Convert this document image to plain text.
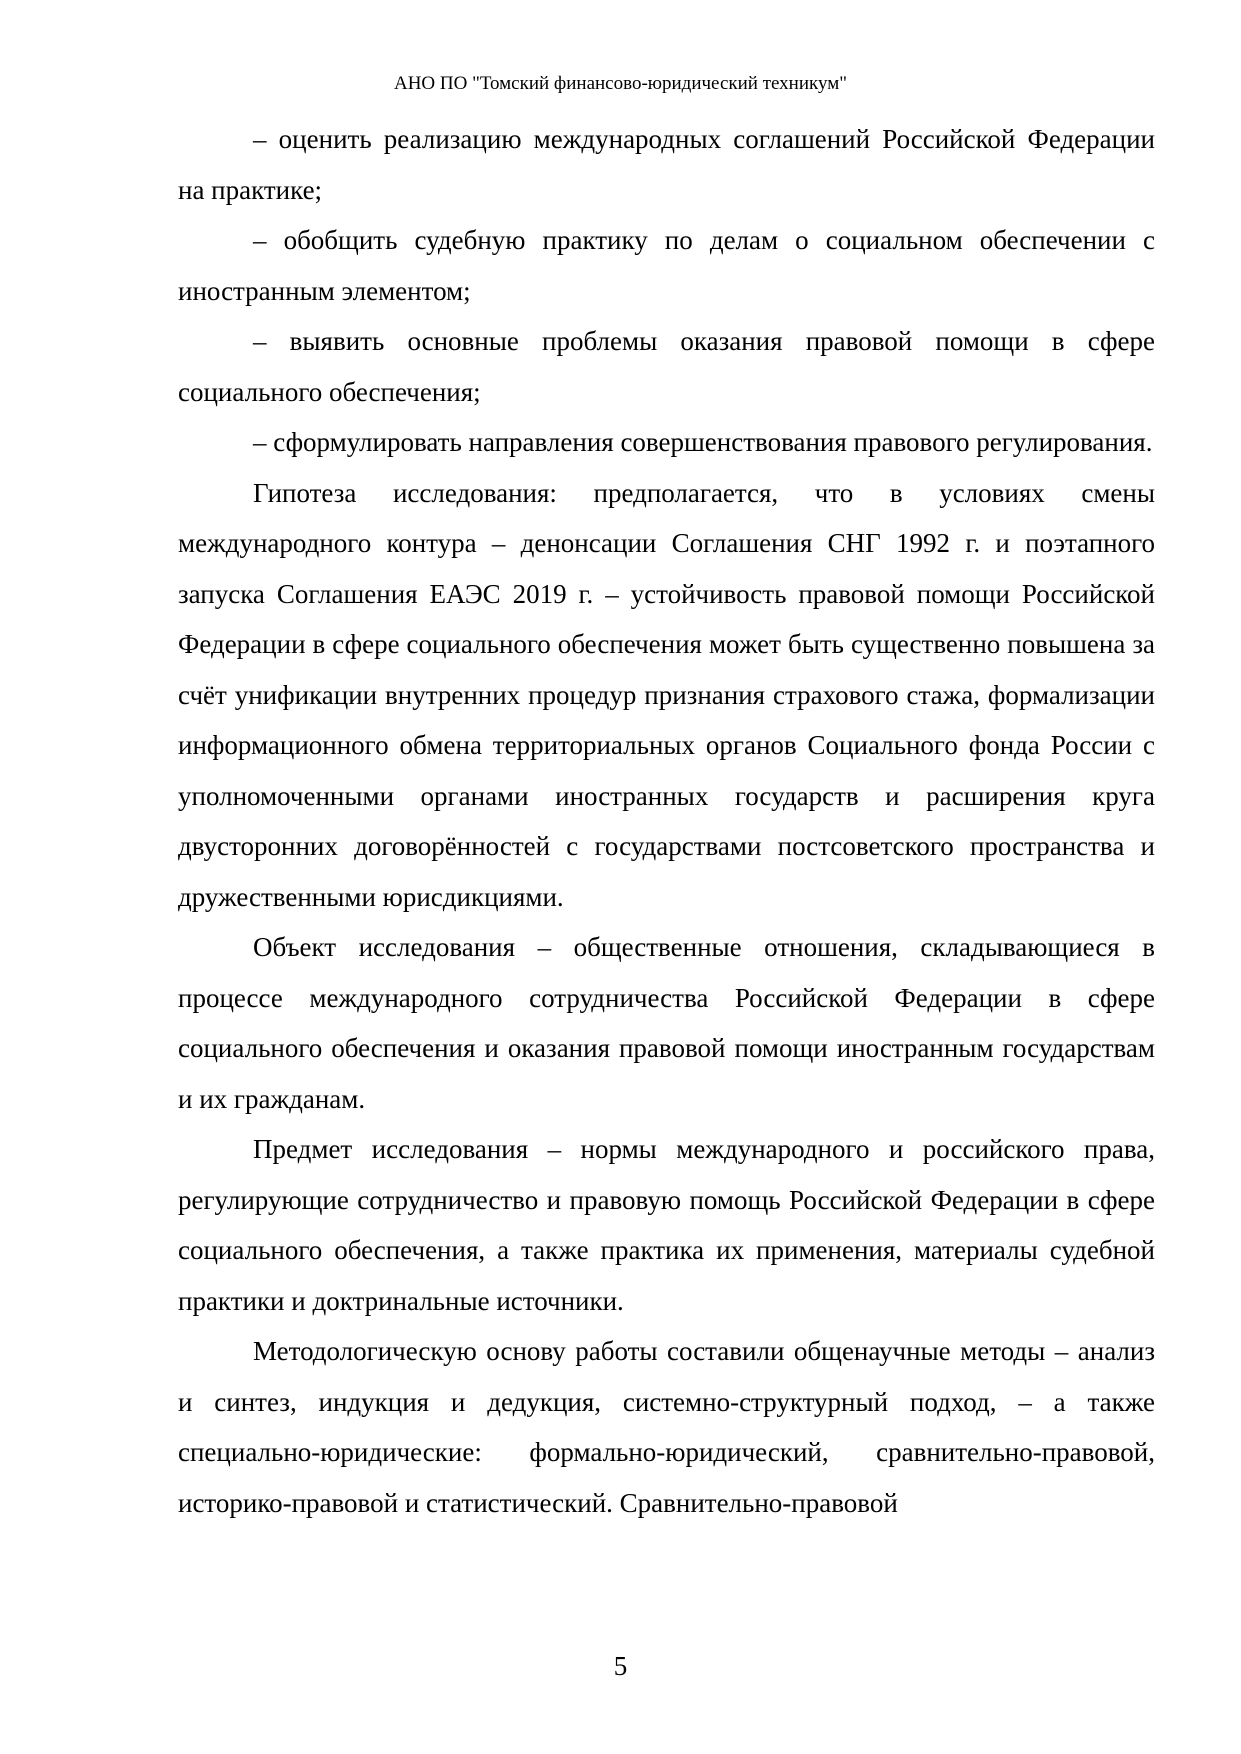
АНО ПО "Томский финансово-юридический техникум"

– оценить реализацию международных соглашений Российской Федерации на практике;

– обобщить судебную практику по делам о социальном обеспечении с иностранным элементом;

– выявить основные проблемы оказания правовой помощи в сфере социального обеспечения;

– сформулировать направления совершенствования правового регулирования.

Гипотеза исследования: предполагается, что в условиях смены международного контура – денонсации Соглашения СНГ 1992 г. и поэтапного запуска Соглашения ЕАЭС 2019 г. – устойчивость правовой помощи Российской Федерации в сфере социального обеспечения может быть существенно повышена за счёт унификации внутренних процедур признания страхового стажа, формализации информационного обмена территориальных органов Социального фонда России с уполномоченными органами иностранных государств и расширения круга двусторонних договорённостей с государствами постсоветского пространства и дружественными юрисдикциями.

Объект исследования – общественные отношения, складывающиеся в процессе международного сотрудничества Российской Федерации в сфере социального обеспечения и оказания правовой помощи иностранным государствам и их гражданам.

Предмет исследования – нормы международного и российского права, регулирующие сотрудничество и правовую помощь Российской Федерации в сфере социального обеспечения, а также практика их применения, материалы судебной практики и доктринальные источники.

Методологическую основу работы составили общенаучные методы – анализ и синтез, индукция и дедукция, системно-структурный подход, – а также специально-юридические: формально-юридический, сравнительно-правовой, историко-правовой и статистический. Сравнительно-правовой

5
